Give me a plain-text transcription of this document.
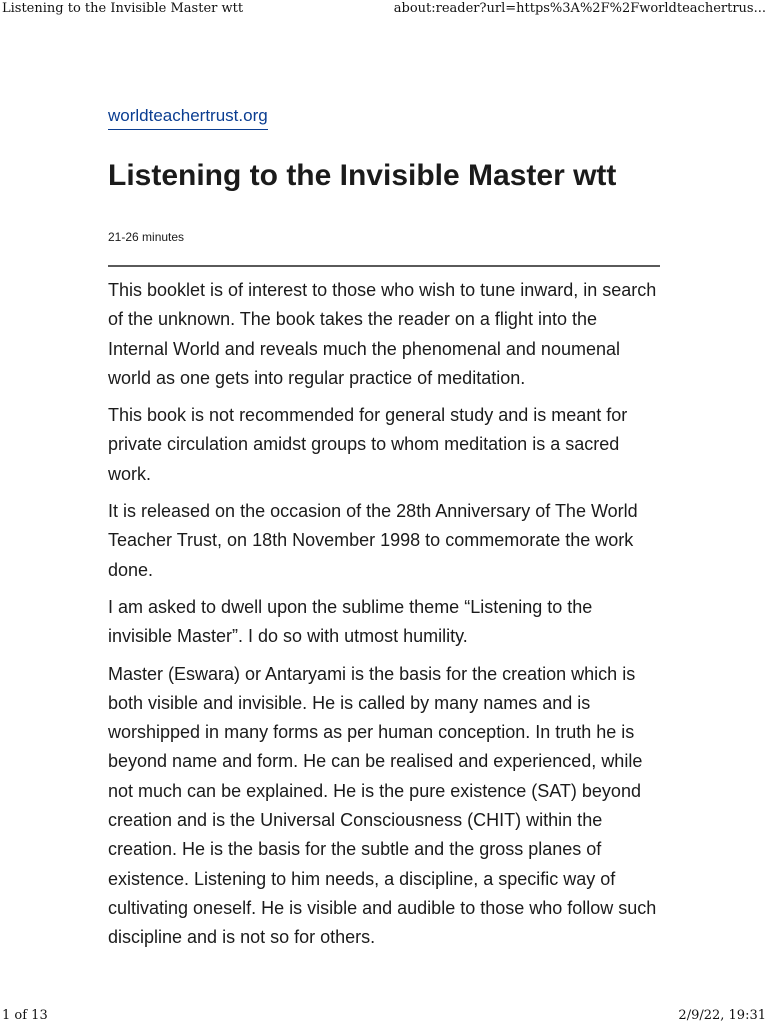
Listening to the Invisible Master wtt	about:reader?url=https%3A%2F%2Fworldteachertrus...
worldteachertrust.org
Listening to the Invisible Master wtt
21-26 minutes

This booklet is of interest to those who wish to tune inward, in search of the unknown. The book takes the reader on a flight into the Internal World and reveals much the phenomenal and noumenal world as one gets into regular practice of meditation.

This book is not recommended for general study and is meant for private circulation amidst groups to whom meditation is a sacred work.

It is released on the occasion of the 28th Anniversary of The World Teacher Trust, on 18th November 1998 to commemorate the work done.

I am asked to dwell upon the sublime theme “Listening to the invisible Master”. I do so with utmost humility.

Master (Eswara) or Antaryami is the basis for the creation which is both visible and invisible. He is called by many names and is worshipped in many forms as per human conception. In truth he is beyond name and form. He can be realised and experienced, while not much can be explained. He is the pure existence (SAT) beyond creation and is the Universal Consciousness (CHIT) within the creation. He is the basis for the subtle and the gross planes of existence. Listening to him needs, a discipline, a specific way of cultivating oneself. He is visible and audible to those who follow such discipline and is not so for others.

1 of 13	2/9/22, 19:31
